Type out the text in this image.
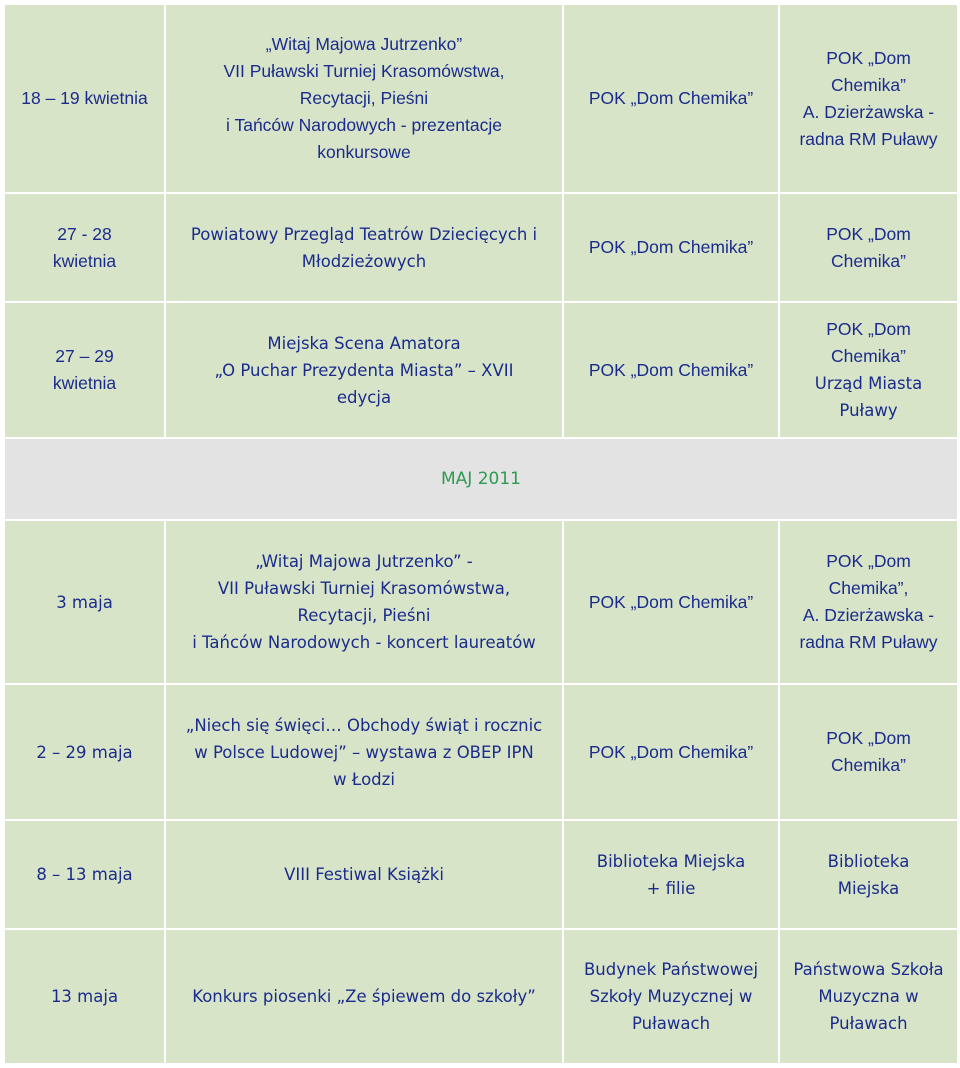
18 – 19 kwietnia	„Witaj Majowa Jutrzenko”
VII Puławski Turniej Krasomówstwa,
Recytacji, Pieśni
i Tańców Narodowych - prezentacje
konkursowe	POK „Dom Chemika”	POK „Dom
Chemika”
A. Dzierżawska -
radna RM Puławy

27 - 28
kwietnia	Powiatowy Przegląd Teatrów Dziecięcych i
Młodzieżowych	POK „Dom Chemika”	POK „Dom
Chemika”

27 – 29
kwietnia	Miejska Scena Amatora
„O Puchar Prezydenta Miasta” – XVII
edycja	POK „Dom Chemika”	POK „Dom
Chemika”
Urząd Miasta
Puławy

MAJ 2011			

3 maja	„Witaj Majowa Jutrzenko” -
VII Puławski Turniej Krasomówstwa,
Recytacji, Pieśni
i Tańców Narodowych - koncert laureatów	POK „Dom Chemika”	POK „Dom
Chemika”,
A. Dzierżawska -
radna RM Puławy

2 – 29 maja	„Niech się święci… Obchody świąt i rocznic
w Polsce Ludowej” – wystawa z OBEP IPN
w Łodzi	POK „Dom Chemika”	POK „Dom
Chemika”

8 – 13 maja	VIII Festiwal Książki	Biblioteka Miejska
+ filie	Biblioteka
Miejska

13 maja	Konkurs piosenki „Ze śpiewem do szkoły”	Budynek Państwowej
Szkoły Muzycznej w
Puławach	Państwowa Szkoła
Muzyczna w
Puławach
